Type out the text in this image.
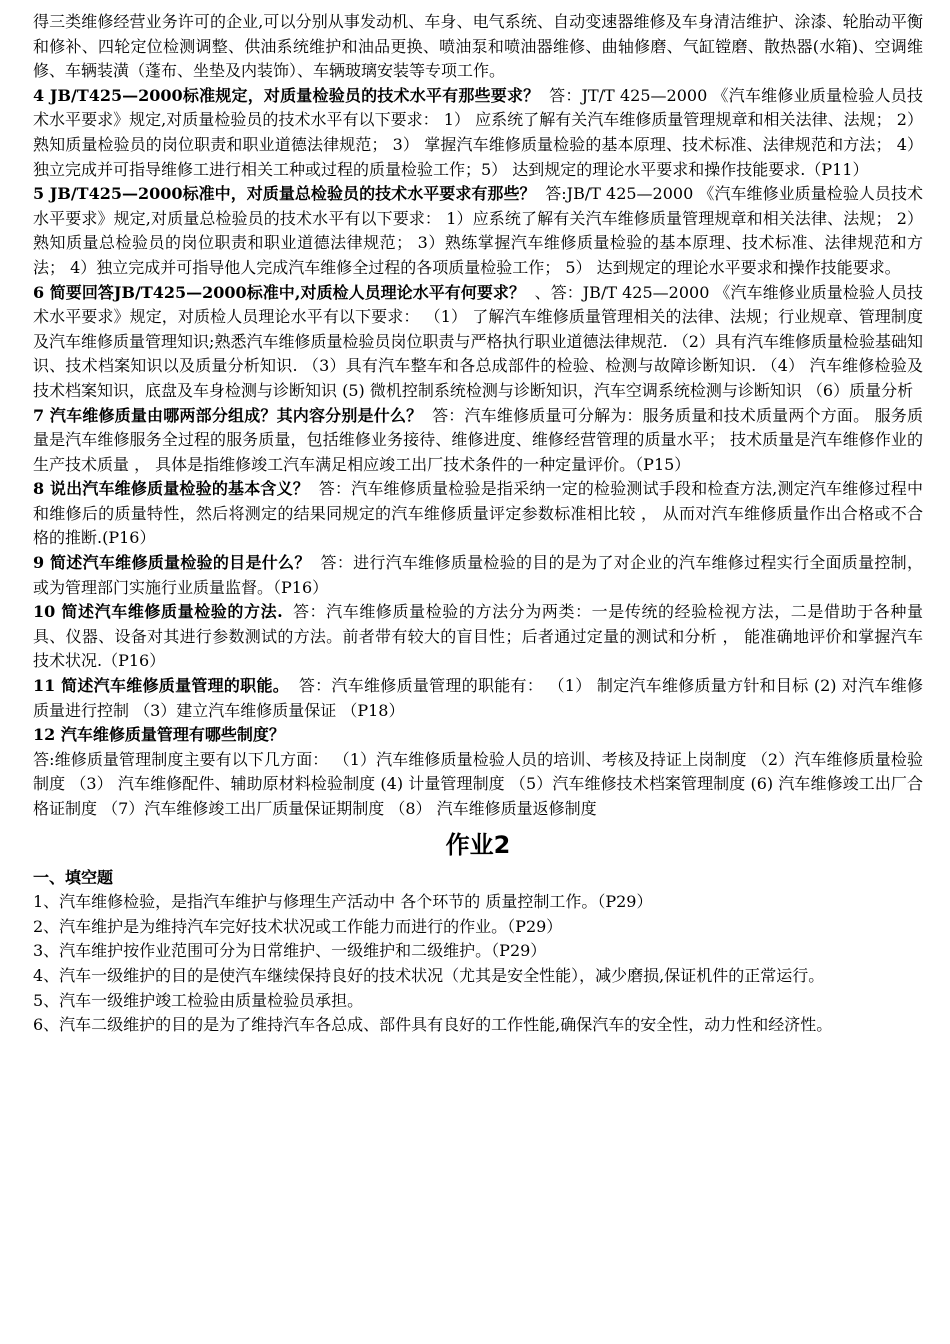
得三类维修经营业务许可的企业,可以分别从事发动机、车身、电气系统、自动变速器维修及车身清洁维护、涂漆、轮胎动平衡和修补、四轮定位检测调整、供油系统维护和油品更换、喷油泵和喷油器维修、曲轴修磨、气缸镗磨、散热器(水箱)、空调维修、车辆装潢（蓬布、坐垫及内装饰）、车辆玻璃安装等专项工作。

4 JB/T425—2000标准规定，对质量检验员的技术水平有那些要求？ 答：JT/T 425—2000 《汽车维修业质量检验人员技术水平要求》规定,对质量检验员的技术水平有以下要求： 1） 应系统了解有关汽车维修质量管理规章和相关法律、法规； 2） 熟知质量检验员的岗位职责和职业道德法律规范； 3） 掌握汽车维修质量检验的基本原理、技术标准、法律规范和方法； 4） 独立完成并可指导维修工进行相关工种或过程的质量检验工作；5） 达到规定的理论水平要求和操作技能要求.（P11）

5 JB/T425—2000标准中，对质量总检验员的技术水平要求有那些？ 答:JB/T 425—2000 《汽车维修业质量检验人员技术水平要求》规定,对质量总检验员的技术水平有以下要求： 1）应系统了解有关汽车维修质量管理规章和相关法律、法规； 2） 熟知质量总检验员的岗位职责和职业道德法律规范； 3）熟练掌握汽车维修质量检验的基本原理、技术标准、法律规范和方法； 4）独立完成并可指导他人完成汽车维修全过程的各项质量检验工作； 5） 达到规定的理论水平要求和操作技能要求。

6 简要回答JB/T425—2000标准中,对质检人员理论水平有何要求？ 、答：JB/T 425—2000 《汽车维修业质量检验人员技术水平要求》规定，对质检人员理论水平有以下要求： （1） 了解汽车维修质量管理相关的法律、法规；行业规章、管理制度及汽车维修质量管理知识;熟悉汽车维修质量检验员岗位职责与严格执行职业道德法律规范. （2）具有汽车维修质量检验基础知识、技术档案知识以及质量分析知识. （3）具有汽车整车和各总成部件的检验、检测与故障诊断知识. （4） 汽车维修检验及技术档案知识，底盘及车身检测与诊断知识 (5) 微机控制系统检测与诊断知识，汽车空调系统检测与诊断知识 （6）质量分析

7 汽车维修质量由哪两部分组成？其内容分别是什么？ 答：汽车维修质量可分解为：服务质量和技术质量两个方面。 服务质量是汽车维修服务全过程的服务质量，包括维修业务接待、维修进度、维修经营管理的质量水平； 技术质量是汽车维修作业的生产技术质量 ， 具体是指维修竣工汽车满足相应竣工出厂技术条件的一种定量评价。（P15）

8 说出汽车维修质量检验的基本含义？ 答：汽车维修质量检验是指采纳一定的检验测试手段和检查方法,测定汽车维修过程中和维修后的质量特性，然后将测定的结果同规定的汽车维修质量评定参数标准相比较 ， 从而对汽车维修质量作出合格或不合格的推断.(P16）

9 简述汽车维修质量检验的目是什么？ 答：进行汽车维修质量检验的目的是为了对企业的汽车维修过程实行全面质量控制，或为管理部门实施行业质量监督。（P16）

10 简述汽车维修质量检验的方法. 答：汽车维修质量检验的方法分为两类：一是传统的经验检视方法，二是借助于各种量具、仪器、设备对其进行参数测试的方法。前者带有较大的盲目性；后者通过定量的测试和分析 ， 能准确地评价和掌握汽车技术状况.（P16）

11 简述汽车维修质量管理的职能。 答：汽车维修质量管理的职能有： （1） 制定汽车维修质量方针和目标 (2) 对汽车维修质量进行控制 （3）建立汽车维修质量保证 （P18）

12 汽车维修质量管理有哪些制度？

答:维修质量管理制度主要有以下几方面： （1）汽车维修质量检验人员的培训、考核及持证上岗制度 （2）汽车维修质量检验制度 （3） 汽车维修配件、辅助原材料检验制度 (4) 计量管理制度 （5）汽车维修技术档案管理制度 (6) 汽车维修竣工出厂合格证制度 （7）汽车维修竣工出厂质量保证期制度 （8） 汽车维修质量返修制度

作业2

一、填空题

1、汽车维修检验，是指汽车维护与修理生产活动中 各个环节的 质量控制工作。（P29）

2、汽车维护是为维持汽车完好技术状况或工作能力而进行的作业。（P29）

3、汽车维护按作业范围可分为日常维护、一级维护和二级维护。（P29）

4、汽车一级维护的目的是使汽车继续保持良好的技术状况（尤其是安全性能），减少磨损,保证机件的正常运行。

5、汽车一级维护竣工检验由质量检验员承担。

6、汽车二级维护的目的是为了维持汽车各总成、部件具有良好的工作性能,确保汽车的安全性，动力性和经济性。
